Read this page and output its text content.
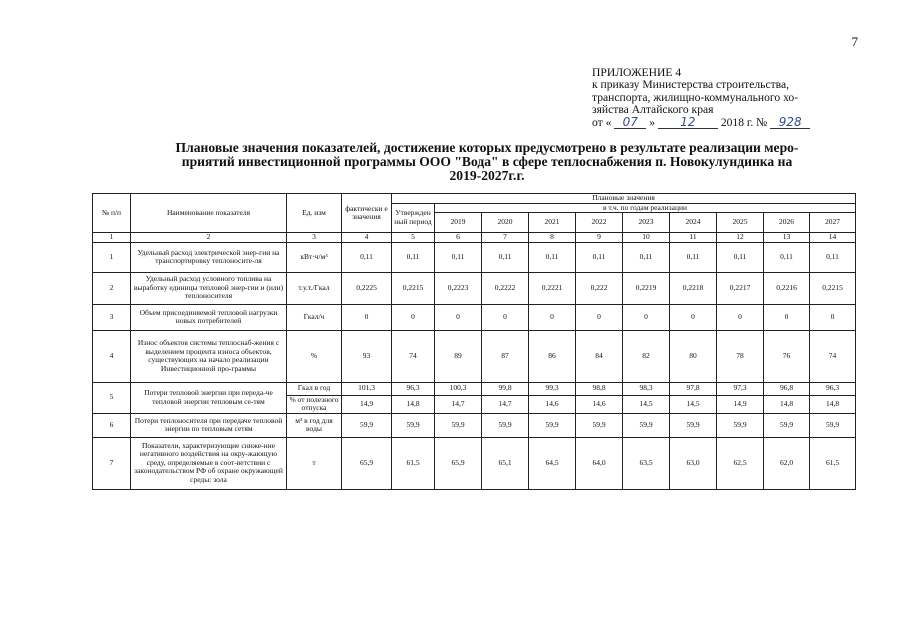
7
ПРИЛОЖЕНИЕ 4
к приказу Министерства строительства,
транспорта, жилищно-коммунального хо-
зяйства Алтайского края
от « 07 » 12 2018 г. № 928
Плановые значения показателей, достижение которых предусмотрено в результате реализации меро-
приятий инвестиционной программы ООО "Вода" в сфере теплоснабжения п. Новокулундинка на
2019-2027г.г.
№ п/п	Наименование показателя	Ед. изм	фактически е значения	Плановые значения									
				Утвержден ный период	в т.ч. по годам реализации								
					2019	2020	2021	2022	2023	2024	2025	2026	2027
1	2	3	4	5	6	7	8	9	10	11	12	13	14
1	Удельный расход электрической энер-гии на транспортировку теплоносите-ля	кВт·ч/м³	0,11	0,11	0,11	0,11	0,11	0,11	0,11	0,11	0,11	0,11	0,11
2	Удельный расход условного топлива на выработку единицы тепловой энер-гии и (или) теплоносителя	т.у.т./Гкал	0,2225	0,2215	0,2223	0,2222	0,2221	0,222	0,2219	0,2218	0,2217	0,2216	0,2215
3	Объем присоединяемой тепловой нагрузки новых потребителей	Гкал/ч	0	0	0	0	0	0	0	0	0	0	0
4	Износ объектов системы теплоснаб-жения с выделением процента износа объектов, существующих на начало реализации Инвестиционной про-граммы	%	93	74	89	87	86	84	82	80	78	76	74
5	Потери тепловой энергии при переда-че тепловой энергии тепловым се-тям	Гкал в год	101,3	96,3	100,3	99,8	99,3	98,8	98,3	97,8	97,3	96,8	96,3
		% от полезного отпуска	14,9	14,8	14,7	14,7	14,6	14,6	14,5	14,5	14,9	14,8	14,8
6	Потери теплоносителя при передаче тепловой энергии по тепловым сетям	м³ в год для воды	59,9	59,9	59,9	59,9	59,9	59,9	59,9	59,9	59,9	59,9	59,9
7	Показатели, характеризующие сниже-ние негативного воздействия на окру-жающую среду, определяемые в соот-ветствии с законодательством РФ об охране окружающей среды: зола	т	65,9	61,5	65,9	65,1	64,5	64,0	63,5	63,0	62,5	62,0	61,5
